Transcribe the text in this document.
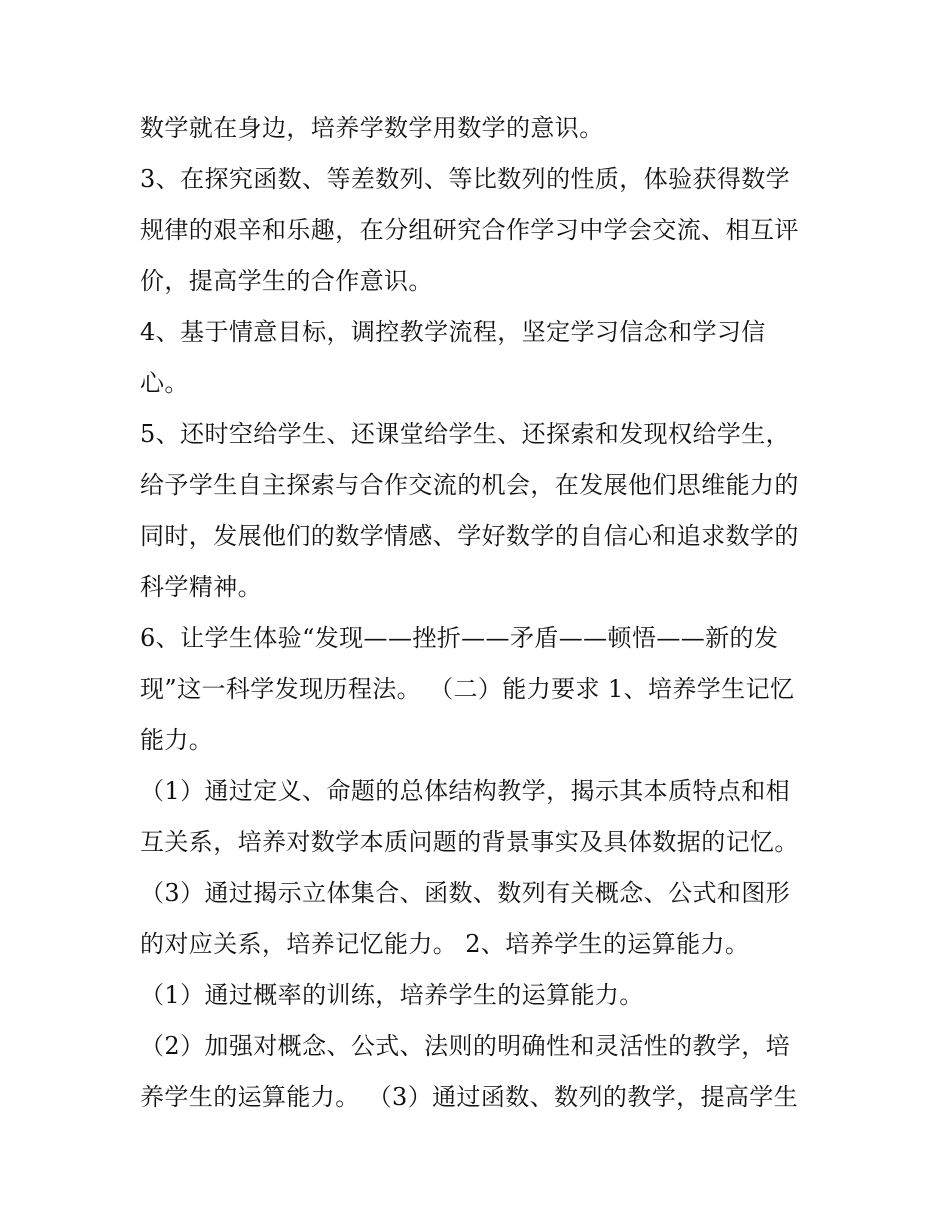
数学就在身边，培养学数学用数学的意识。
3、在探究函数、等差数列、等比数列的性质，体验获得数学
规律的艰辛和乐趣，在分组研究合作学习中学会交流、相互评
价，提高学生的合作意识。
4、基于情意目标，调控教学流程，坚定学习信念和学习信
心。
5、还时空给学生、还课堂给学生、还探索和发现权给学生，
给予学生自主探索与合作交流的机会，在发展他们思维能力的
同时，发展他们的数学情感、学好数学的自信心和追求数学的
科学精神。
6、让学生体验“发现——挫折——矛盾——顿悟——新的发
现”这一科学发现历程法。 （二）能力要求 1、培养学生记忆
能力。
（1）通过定义、命题的总体结构教学，揭示其本质特点和相
互关系，培养对数学本质问题的背景事实及具体数据的记忆。
（3）通过揭示立体集合、函数、数列有关概念、公式和图形
的对应关系，培养记忆能力。 2、培养学生的运算能力。
（1）通过概率的训练，培养学生的运算能力。
（2）加强对概念、公式、法则的明确性和灵活性的教学，培
养学生的运算能力。 （3）通过函数、数列的教学，提高学生
